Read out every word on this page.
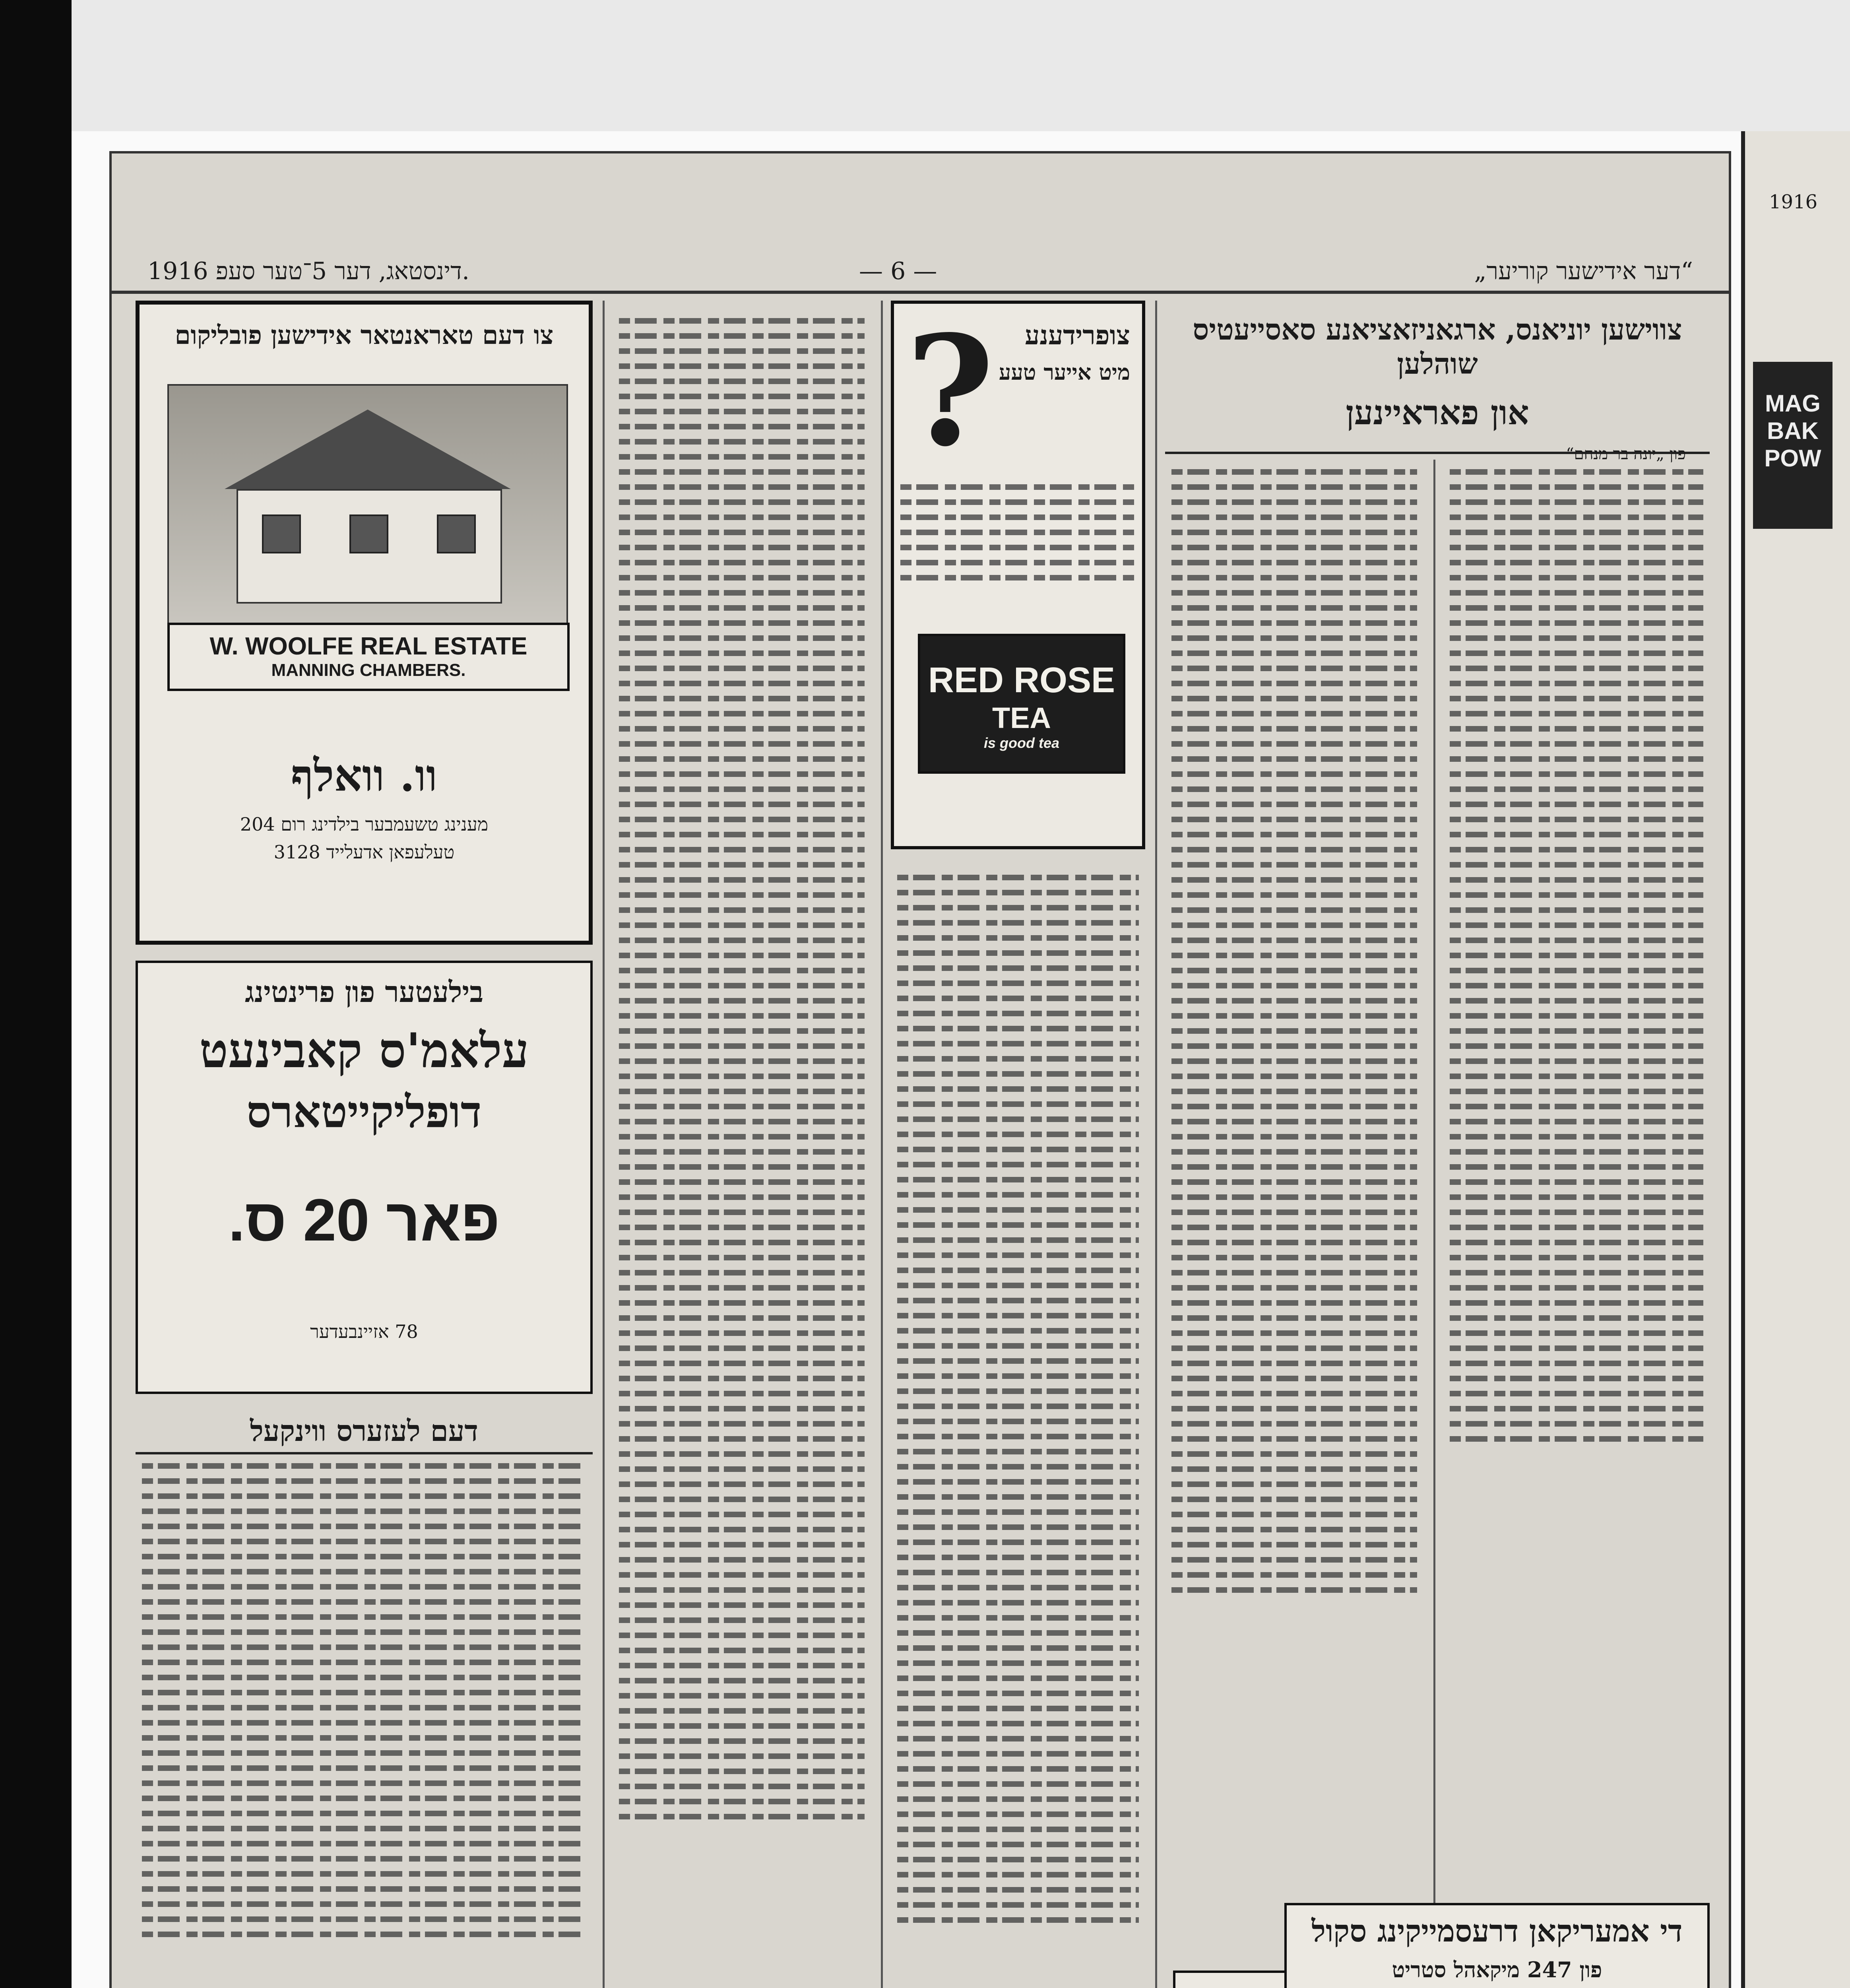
1916 דינסטאג, דער 5־טער סעפ.	— 6 —	„דער אידישער קוריער“
צו דעם טאראנטאר אידישען פובליקום
W. WOOLFE REAL ESTATE
MANNING CHAMBERS.
וו. וואלף
מענינג טשעמבער בילדינג רום 204
טעלעפאן אדעלייד 3128
בילעטער פון פרינטינג
עלאמ'ס קאבינעט
דופליקייטארס
פאר 20 ס.
78 אזיינבעדער
דעם לעזערס ווינקעל
? צופרידענע
מיט אייער טעע
RED ROSE
TEA
is good tea
צווישען יוניאנס, ארגאניזאציאנע סאסייעטיס שוהלען
און פאראיינען
פון „יונה בר מנחם“
די אמעריקאן דרעסמייקינג סקול
פון 247 מיקאהל סטריט
1916
MAG
BAK
POW
